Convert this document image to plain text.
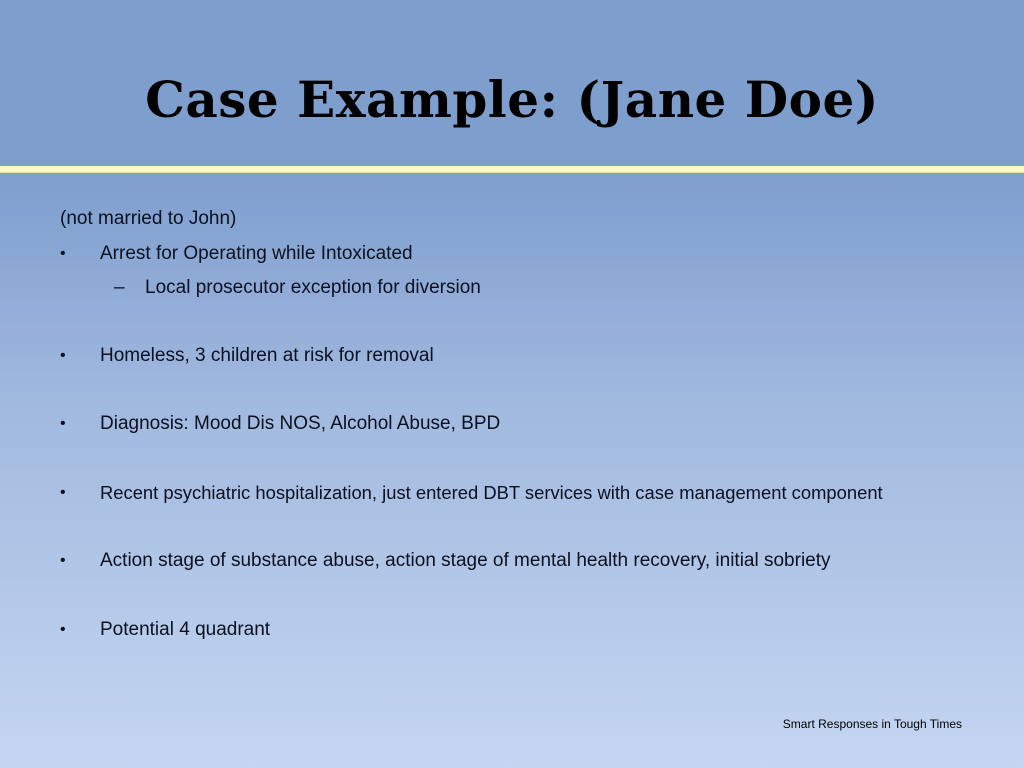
Case Example: (Jane Doe)
(not married to John)
•	Arrest for Operating while Intoxicated
– Local prosecutor exception for diversion
•	Homeless, 3 children at risk for removal
•	Diagnosis: Mood Dis NOS, Alcohol Abuse, BPD
•	Recent psychiatric hospitalization, just entered DBT services with case management component
•	Action stage of substance abuse, action stage of mental health recovery, initial sobriety
•	Potential 4 quadrant
Smart Responses in Tough Times
